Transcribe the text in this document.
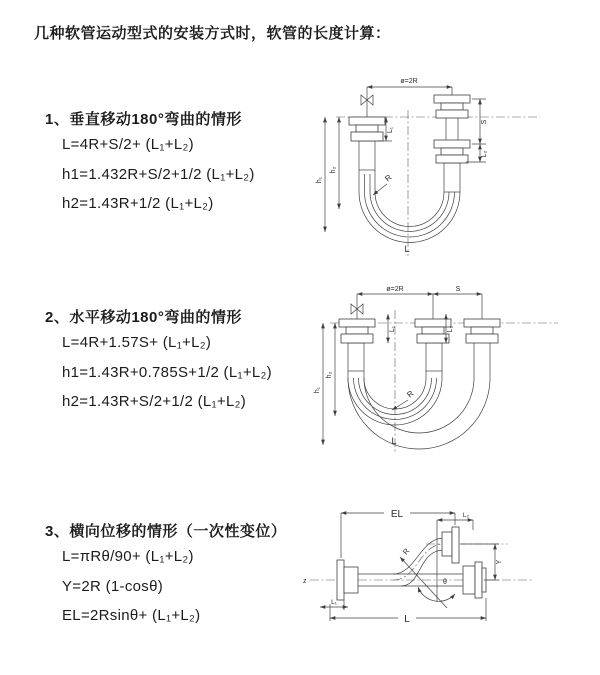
几种软管运动型式的安装方式时，软管的长度计算：
1、垂直移动180°弯曲的情形
L=4R+S/2+ (L₁+L₂)
h1=1.432R+S/2+1/2 (L₁+L₂)
h2=1.43R+1/2 (L₁+L₂)
2、水平移动180°弯曲的情形
L=4R+1.57S+ (L₁+L₂)
h1=1.43R+0.785S+1/2 (L₁+L₂)
h2=1.43R+S/2+1/2 (L₁+L₂)
3、横向位移的情形（一次性变位）
L=πRθ/90+ (L₁+L₂)
Y=2R (1-cosθ)
EL=2Rsinθ+ (L₁+L₂)
ø=2R
S
L₂
h₁
h₂
L₁
R
L
ø=2R	S
h₁
h₂
L₁	L₂
R
L
z	θ
R
EL	L₂
Y
L₁
L
